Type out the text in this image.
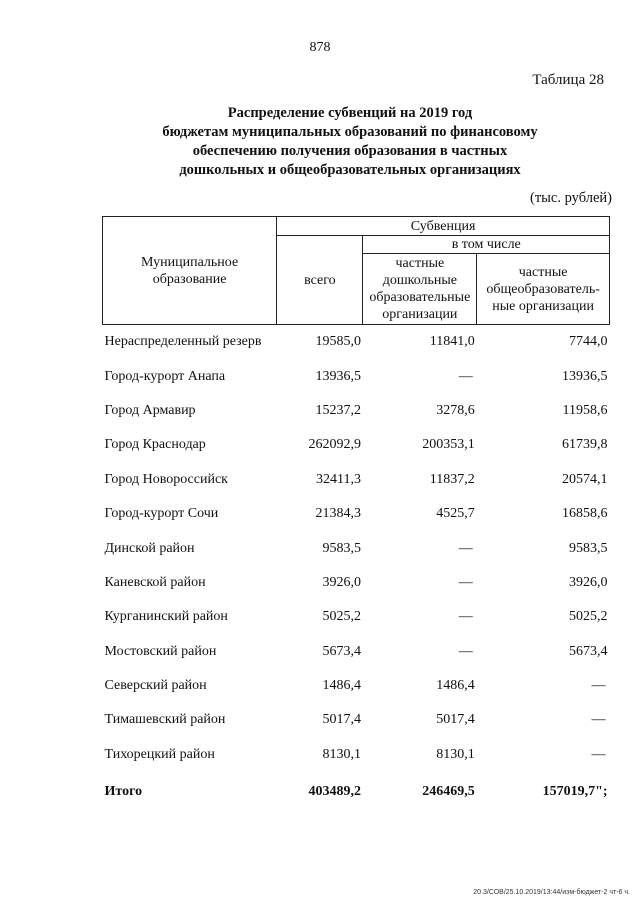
878
Таблица 28
Распределение субвенций на 2019 год
бюджетам муниципальных образований по финансовому
обеспечению получения образования в частных
дошкольных и общеобразовательных организациях
(тыс. рублей)
Муниципальное образование	Субвенция		
	всего	в том числе	
		частные дошкольные образовательные организации	частные общеобразователь-ные организации
Нераспределенный резерв	19585,0	11841,0	7744,0
Город-курорт Анапа	13936,5	—	13936,5
Город Армавир	15237,2	3278,6	11958,6
Город Краснодар	262092,9	200353,1	61739,8
Город Новороссийск	32411,3	11837,2	20574,1
Город-курорт Сочи	21384,3	4525,7	16858,6
Динской район	9583,5	—	9583,5
Каневской район	3926,0	—	3926,0
Курганинский район	5025,2	—	5025,2
Мостовский район	5673,4	—	5673,4
Северский район	1486,4	1486,4	—
Тимашевский район	5017,4	5017,4	—
Тихорецкий район	8130,1	8130,1	—
Итого	403489,2	246469,5	157019,7";
20.3/СОВ/25.10.2019/13:44/изм-бюджет-2 чт-6 ч.
